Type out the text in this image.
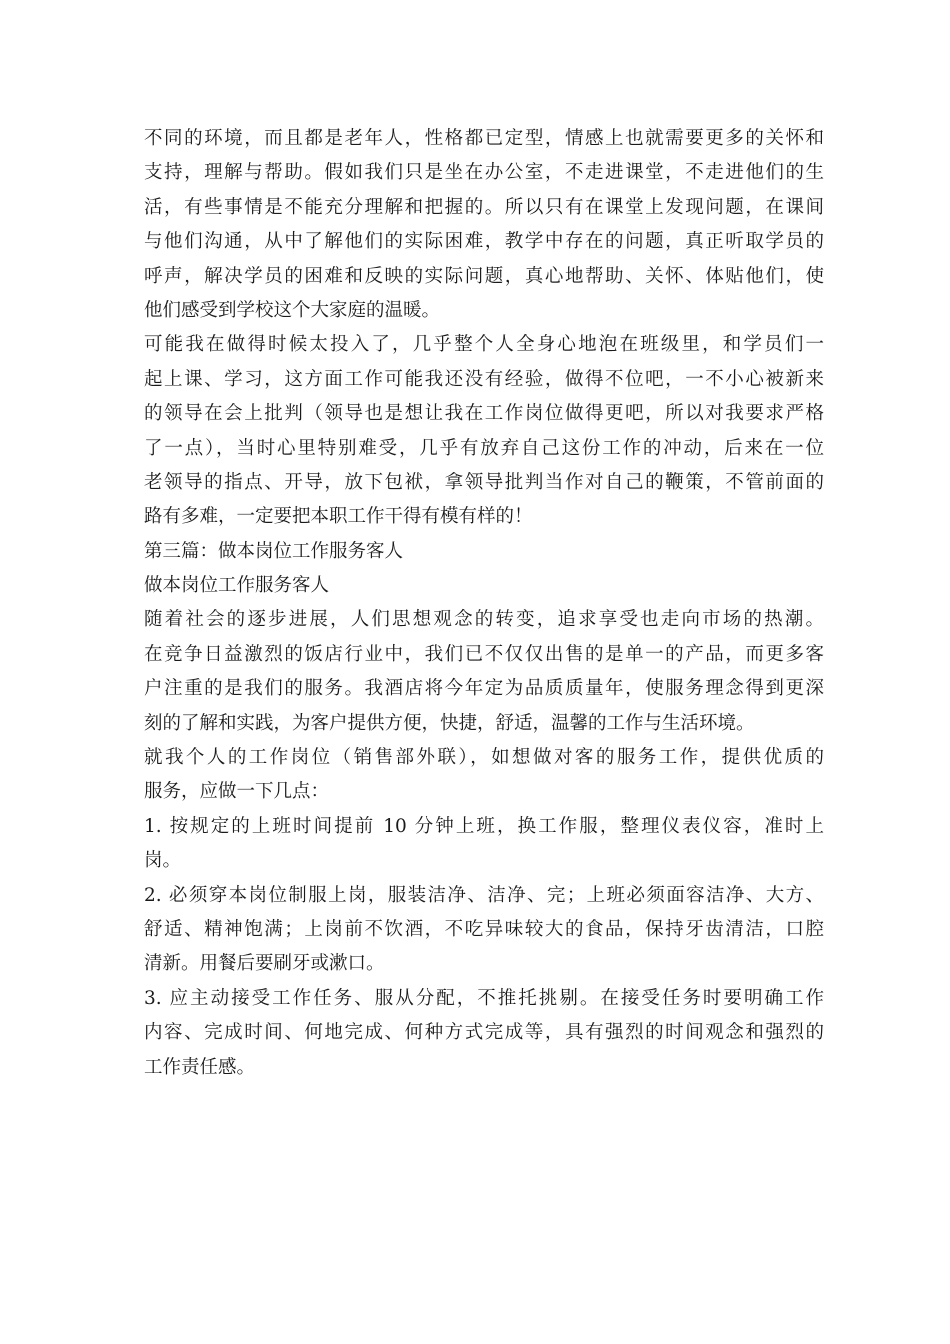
不同的环境，而且都是老年人，性格都已定型，情感上也就需要更多的关怀和
支持，理解与帮助。假如我们只是坐在办公室，不走进课堂，不走进他们的生
活，有些事情是不能充分理解和把握的。所以只有在课堂上发现问题，在课间
与他们沟通，从中了解他们的实际困难，教学中存在的问题，真正听取学员的
呼声，解决学员的困难和反映的实际问题，真心地帮助、关怀、体贴他们，使
他们感受到学校这个大家庭的温暖。
可能我在做得时候太投入了，几乎整个人全身心地泡在班级里，和学员们一
起上课、学习，这方面工作可能我还没有经验，做得不位吧，一不小心被新来
的领导在会上批判（领导也是想让我在工作岗位做得更吧，所以对我要求严格
了一点），当时心里特别难受，几乎有放弃自己这份工作的冲动，后来在一位
老领导的指点、开导，放下包袱，拿领导批判当作对自己的鞭策，不管前面的
路有多难，一定要把本职工作干得有模有样的！
第三篇：做本岗位工作服务客人
做本岗位工作服务客人
随着社会的逐步进展，人们思想观念的转变，追求享受也走向市场的热潮。
在竞争日益激烈的饭店行业中，我们已不仅仅出售的是单一的产品，而更多客
户注重的是我们的服务。我酒店将今年定为品质质量年，使服务理念得到更深
刻的了解和实践，为客户提供方便，快捷，舒适，温馨的工作与生活环境。
就我个人的工作岗位（销售部外联），如想做对客的服务工作，提供优质的
服务，应做一下几点：
1. 按规定的上班时间提前 10 分钟上班，换工作服，整理仪表仪容，准时上
岗。
2. 必须穿本岗位制服上岗，服装洁净、洁净、完；上班必须面容洁净、大方、
舒适、精神饱满；上岗前不饮酒，不吃异味较大的食品，保持牙齿清洁，口腔
清新。用餐后要刷牙或漱口。
3. 应主动接受工作任务、服从分配，不推托挑剔。在接受任务时要明确工作
内容、完成时间、何地完成、何种方式完成等，具有强烈的时间观念和强烈的
工作责任感。
